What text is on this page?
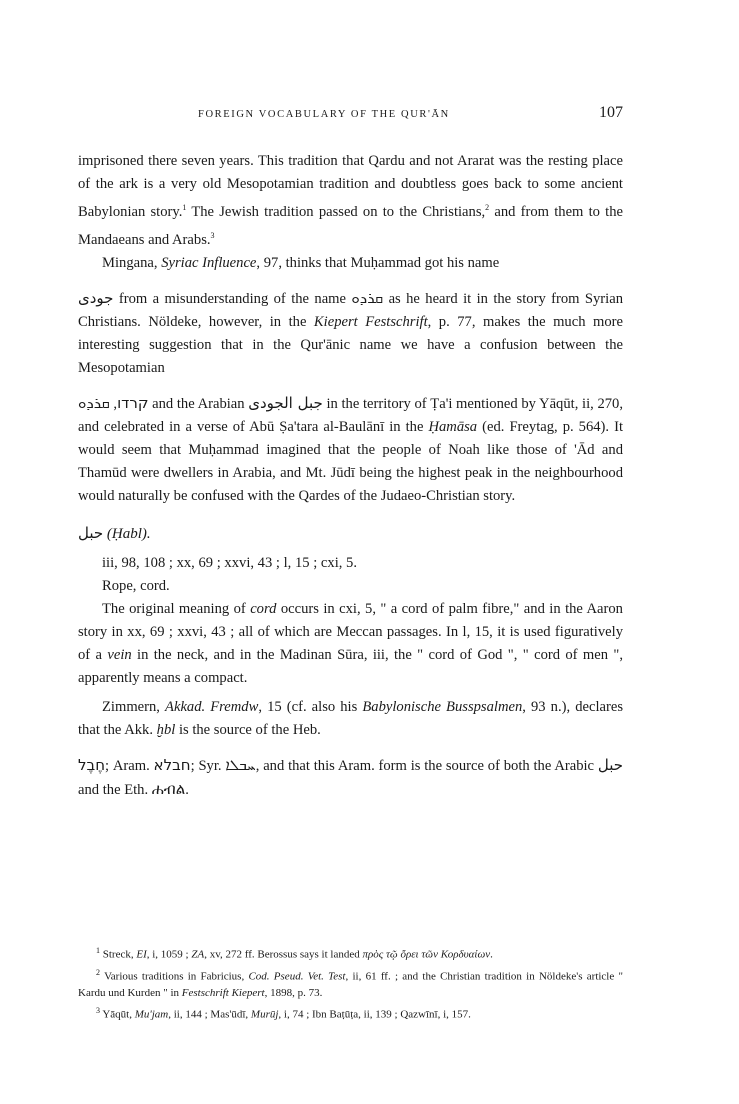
FOREIGN VOCABULARY OF THE QUR'ĀN	107

imprisoned there seven years. This tradition that Qardu and not Ararat was the resting place of the ark is a very old Mesopotamian tradition and doubtless goes back to some ancient Babylonian story.$^1$ The Jewish tradition passed on to the Christians,$^2$ and from them to the Mandaeans and Arabs.$^3$

Mingana, Syriac Influence, 97, thinks that Muḥammad got his name

جودى from a misunderstanding of the name ܩܪܕܘ as he heard it in the story from Syrian Christians. Nöldeke, however, in the Kiepert Festschrift, p. 77, makes the much more interesting suggestion that in the Qur'ānic name we have a confusion between the Mesopotamian

קרדו, ܩܪܕܘ	and the Arabian جبل الجودى in the territory of Ṭa'i mentioned by Yāqūt, ii, 270, and celebrated in a verse of Abū Ṣa'tara al-Baulānī in the Ḥamāsa (ed. Freytag, p. 564). It would seem that Muḥammad imagined that the people of Noah like those of 'Ād and Thamūd were dwellers in Arabia, and Mt. Jūdī being the highest peak in the neighbourhood would naturally be confused with the Qardes of the Judaeo-Christian story.

حبل (Ḥabl).

iii, 98, 108 ; xx, 69 ; xxvi, 43 ; l, 15 ; cxi, 5.

Rope, cord.

The original meaning of cord occurs in cxi, 5, " a cord of palm fibre," and in the Aaron story in xx, 69 ; xxvi, 43 ; all of which are Meccan passages. In l, 15, it is used figuratively of a vein in the neck, and in the Madinan Sūra, iii, the " cord of God ", " cord of men ", apparently means a compact.

Zimmern, Akkad. Fremdw, 15 (cf. also his Babylonische Busspsalmen, 93 n.), declares that the Akk. ḫbl is the source of the Heb.

חֶבֶל; Aram. חבלא; Syr. ܚܒܠܐ, and that this Aram. form is the source of both the Arabic حبل and the Eth. ሐብል.

$^1$ Streck, EI, i, 1059 ; ZA, xv, 272 ff. Berossus says it landed πρὸς τῷ ὄρει τῶν Κορδυαίων.

$^2$ Various traditions in Fabricius, Cod. Pseud. Vet. Test, ii, 61 ff. ; and the Christian tradition in Nöldeke's article " Kardu und Kurden " in Festschrift Kiepert, 1898, p. 73.

$^3$ Yāqūt, Mu'jam, ii, 144 ; Mas'ūdī, Murūj, i, 74 ; Ibn Baṭūṭa, ii, 139 ; Qazwīnī, i, 157.
